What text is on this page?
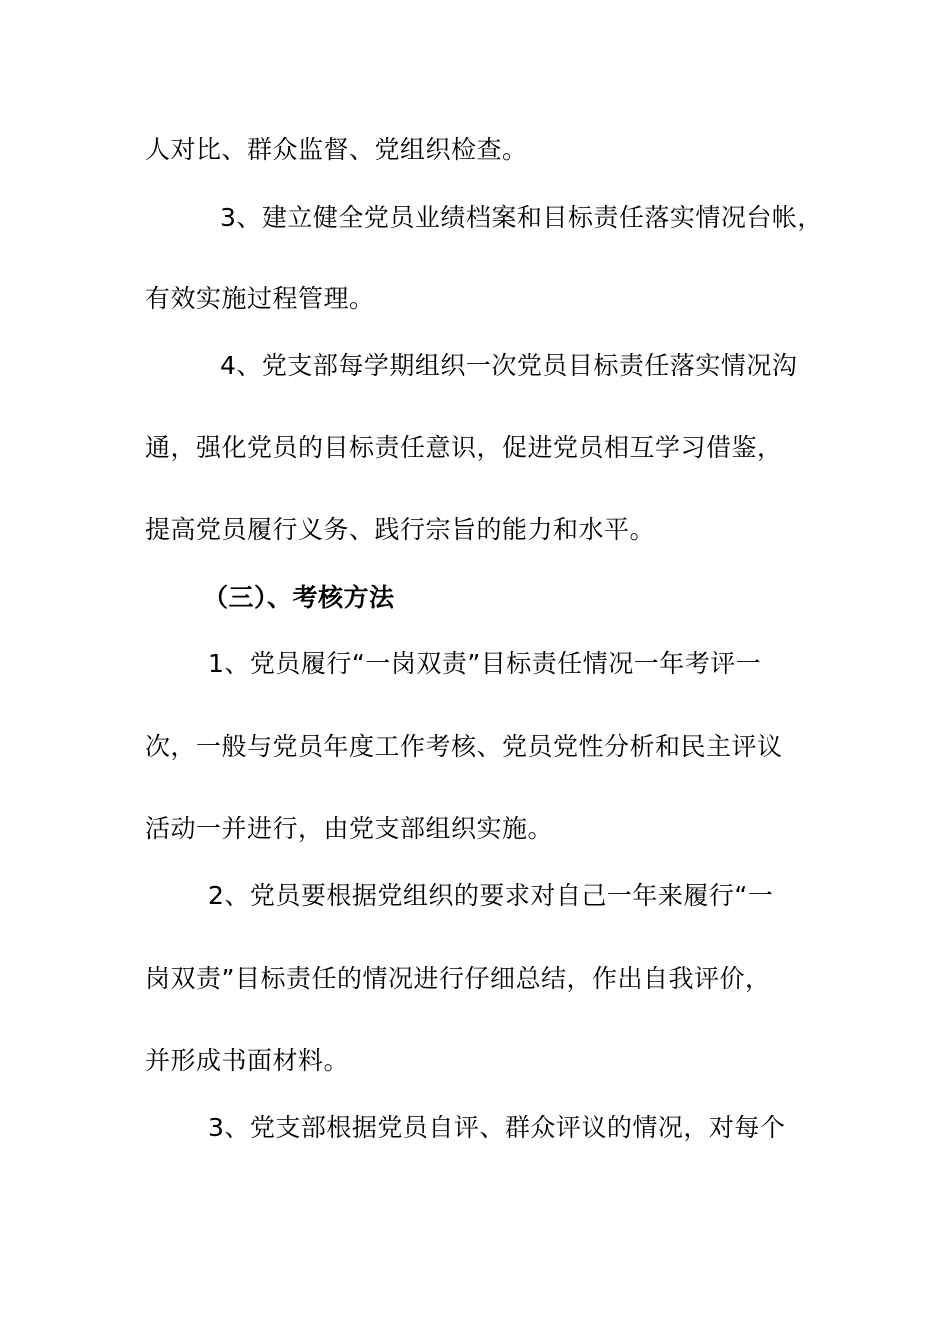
人对比、群众监督、党组织检查。
3、建立健全党员业绩档案和目标责任落实情况台帐，
有效实施过程管理。
4、党支部每学期组织一次党员目标责任落实情况沟
通，强化党员的目标责任意识，促进党员相互学习借鉴，
提高党员履行义务、践行宗旨的能力和水平。
（三）、考核方法
1、党员履行“一岗双责”目标责任情况一年考评一
次，一般与党员年度工作考核、党员党性分析和民主评议
活动一并进行，由党支部组织实施。
2、党员要根据党组织的要求对自己一年来履行“一
岗双责”目标责任的情况进行仔细总结，作出自我评价，
并形成书面材料。
3、党支部根据党员自评、群众评议的情况，对每个
